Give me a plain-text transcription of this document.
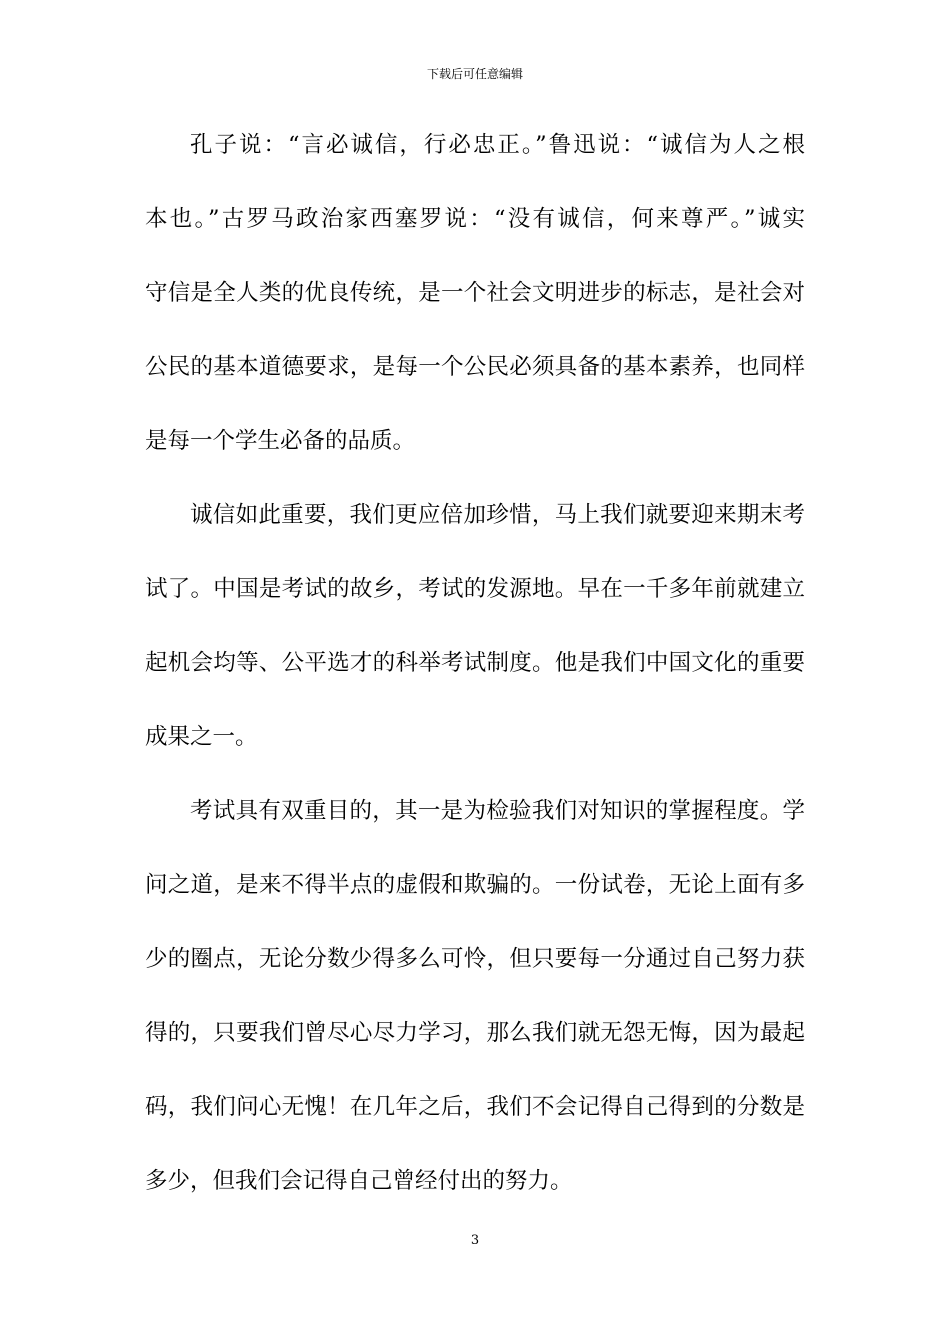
下载后可任意编辑
孔子说：“言必诚信，行必忠正。”鲁迅说：“诚信为人之根
本也。”古罗马政治家西塞罗说：“没有诚信，何来尊严。”诚实
守信是全人类的优良传统，是一个社会文明进步的标志，是社会对
公民的基本道德要求，是每一个公民必须具备的基本素养，也同样
是每一个学生必备的品质。
诚信如此重要，我们更应倍加珍惜，马上我们就要迎来期末考
试了。中国是考试的故乡，考试的发源地。早在一千多年前就建立
起机会均等、公平选才的科举考试制度。他是我们中国文化的重要
成果之一。
考试具有双重目的，其一是为检验我们对知识的掌握程度。学
问之道，是来不得半点的虚假和欺骗的。一份试卷，无论上面有多
少的圈点，无论分数少得多么可怜，但只要每一分通过自己努力获
得的，只要我们曾尽心尽力学习，那么我们就无怨无悔，因为最起
码，我们问心无愧！在几年之后，我们不会记得自己得到的分数是
多少，但我们会记得自己曾经付出的努力。
3
